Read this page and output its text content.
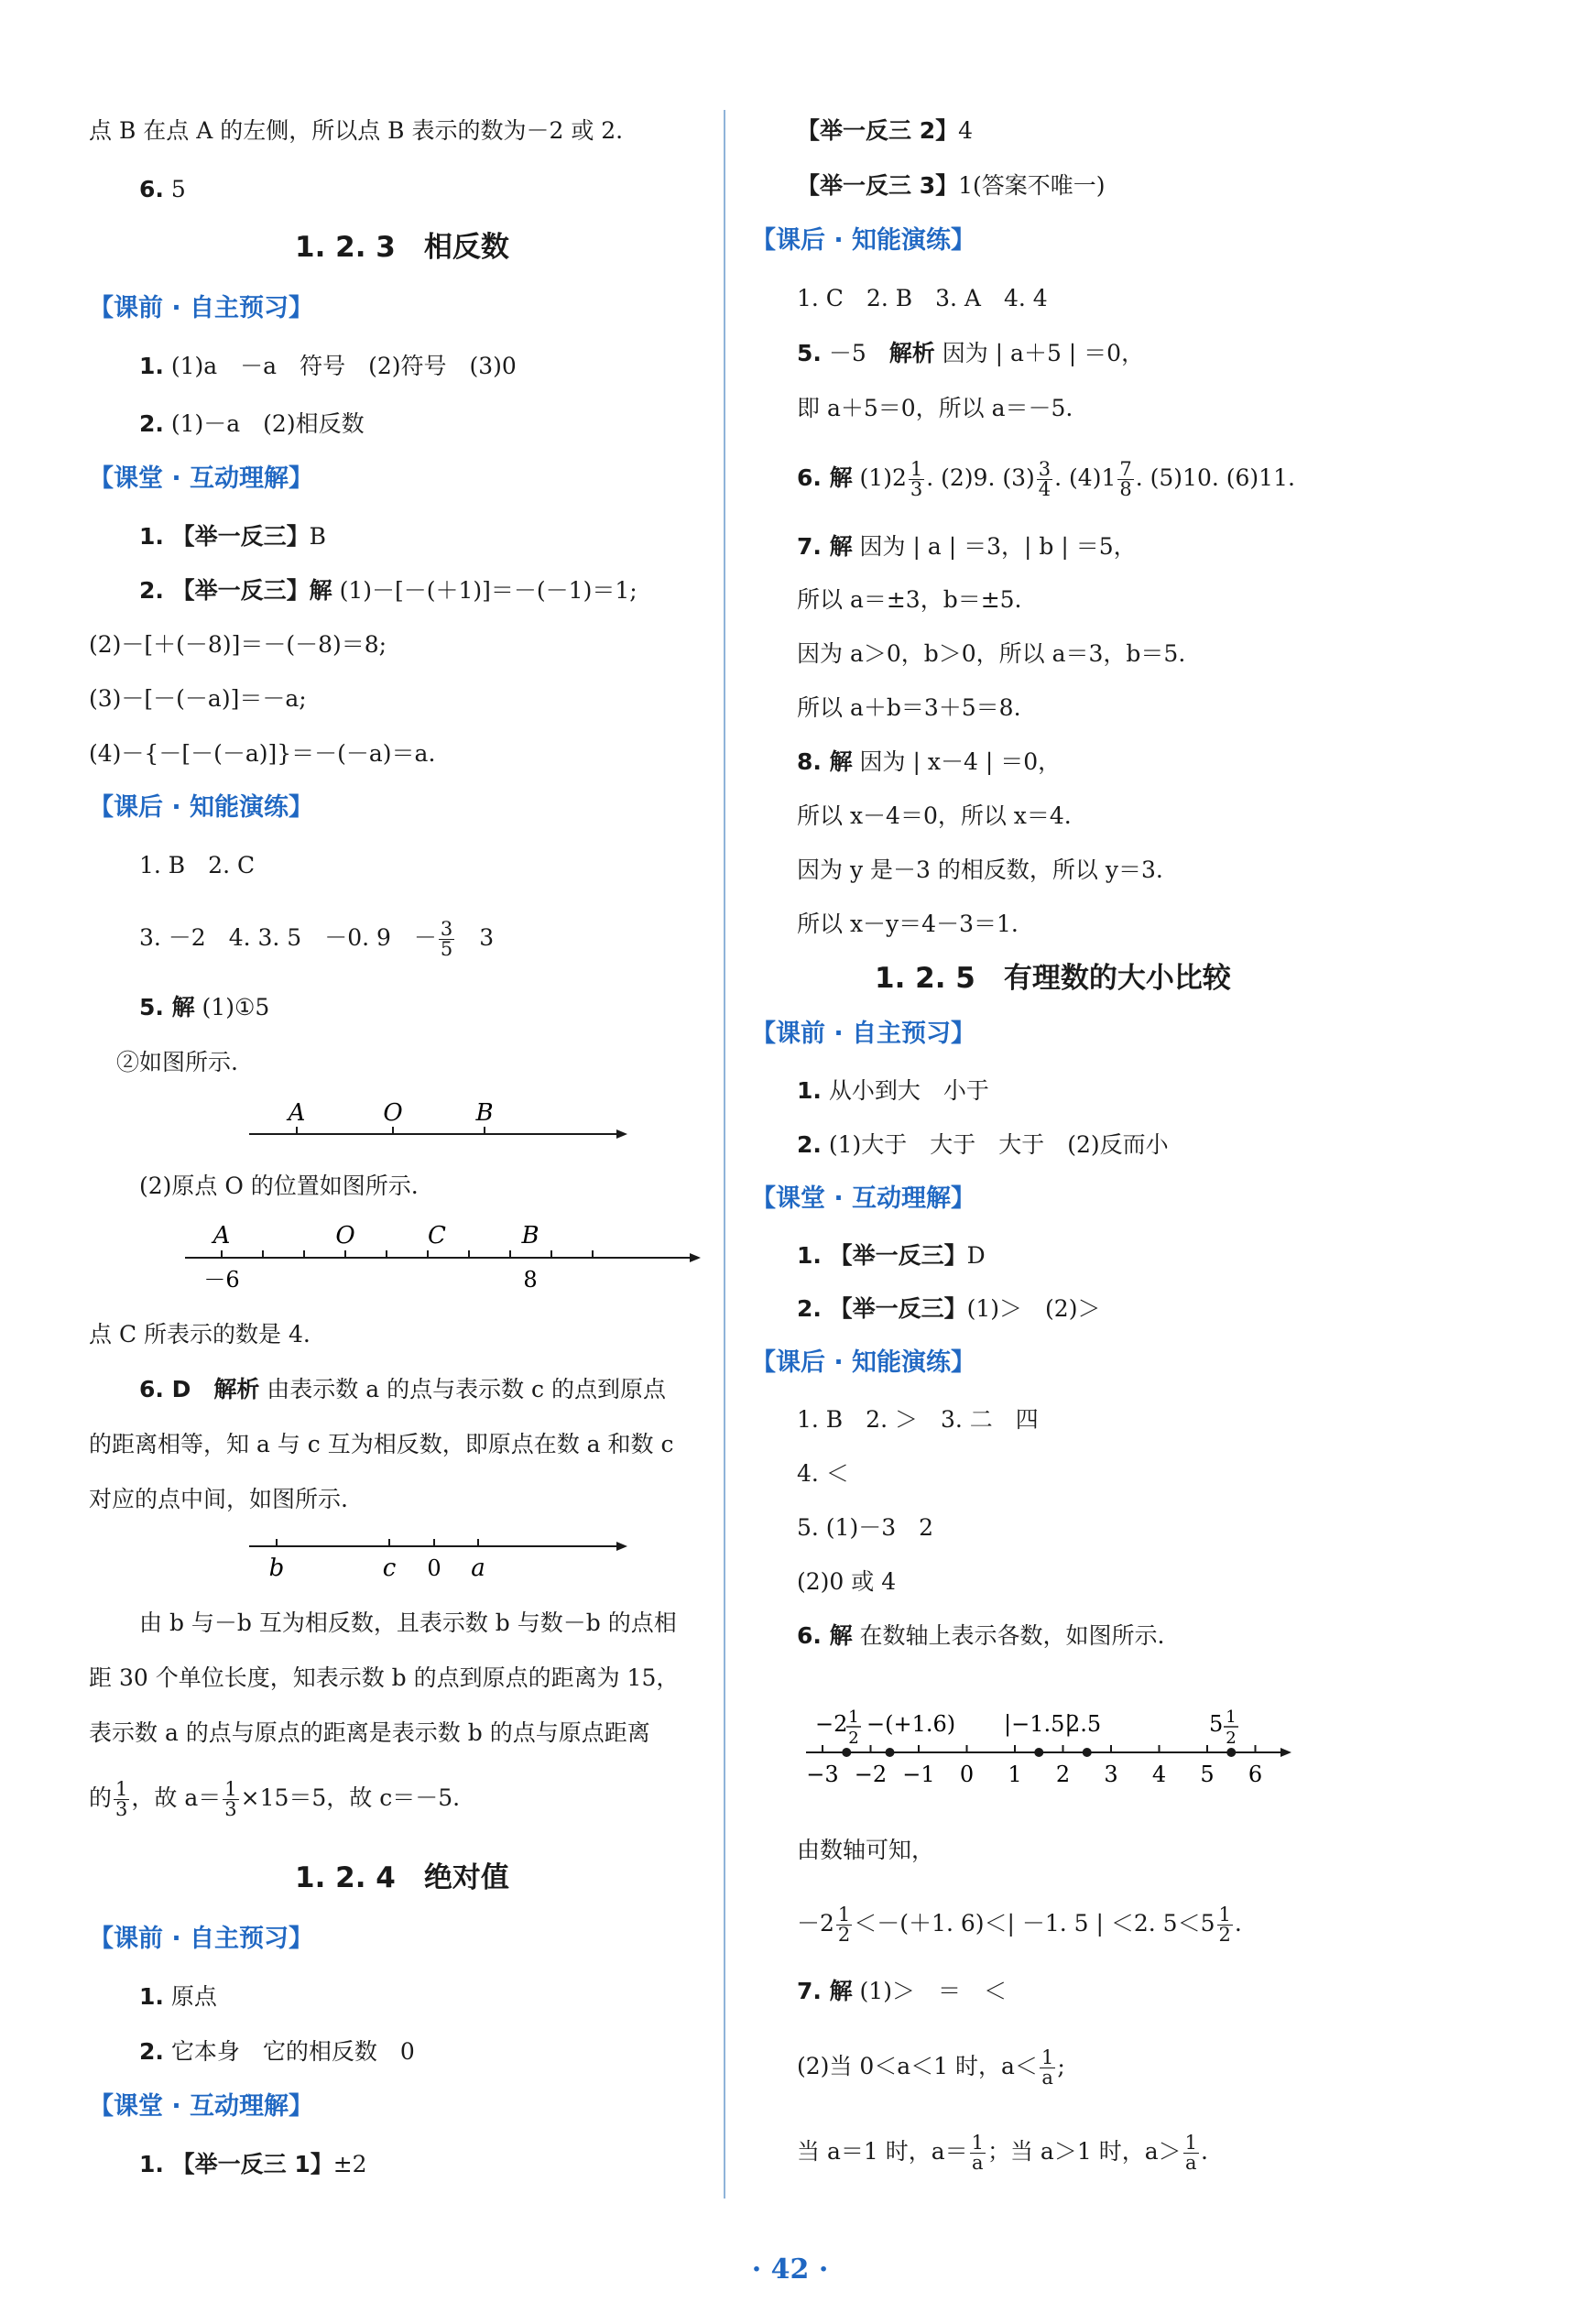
点 B 在点 A 的左侧，所以点 B 表示的数为－2 或 2.
6. 5
1. 2. 3　相反数
【课前 · 自主预习】
1. (1)a　－a　符号　(2)符号　(3)0
2. (1)－a　(2)相反数
【课堂 · 互动理解】
1. 【举一反三】B
2. 【举一反三】解 (1)－[－(＋1)]＝－(－1)＝1;
(2)－[＋(－8)]＝－(－8)＝8;
(3)－[－(－a)]＝－a;
(4)－{－[－(－a)]}＝－(－a)＝a.
【课后 · 知能演练】
1. B　2. C
3. －2　4. 3. 5　－0. 9　－ $\frac{3}{5}$ 　3
5. 解 (1)①5
②如图所示.
A	O	B
(2)原点 O 的位置如图所示.
A	O	C	B
－6	8
点 C 所表示的数是 4.
6. D　解析 由表示数 a 的点与表示数 c 的点到原点
的距离相等，知 a 与 c 互为相反数，即原点在数 a 和数 c
对应的点中间，如图所示.
b	c 0 a
由 b 与－b 互为相反数，且表示数 b 与数－b 的点相
距 30 个单位长度，知表示数 b 的点到原点的距离为 15，
表示数 a 的点与原点的距离是表示数 b 的点与原点距离
的 $\frac{1}{3}$ ，故 $a= \frac{1}{3} \times 15=5$，故 c＝－5.
1. 2. 4　绝对值
【课前 · 自主预习】
1. 原点
2. 它本身　它的相反数　0
【课堂 · 互动理解】
1. 【举一反三 1】±2
【举一反三 2】4
【举一反三 3】1(答案不唯一)
【课后 · 知能演练】
1. C　2. B　3. A　4. 4
5. －5　解析 因为 | a＋5 | ＝0，
即 a＋5＝0，所以 a＝－5.
6. 解 $(1)2 \frac{1}{3}$ . (2)9. $(3) \frac{3}{4}$ . $(4)1 \frac{7}{8}$ . (5)10. (6)11.
7. 解 因为 | a | ＝3，| b | ＝5，
所以 a＝±3，b＝±5.
因为 a＞0，b＞0，所以 a＝3，b＝5.
所以 a＋b＝3＋5＝8.
8. 解 因为 | x－4 | ＝0，
所以 x－4＝0，所以 x＝4.
因为 y 是－3 的相反数，所以 y＝3.
所以 x－y＝4－3＝1.
1. 2. 5　有理数的大小比较
【课前 · 自主预习】
1. 从小到大　小于
2. (1)大于　大于　大于　(2)反而小
【课堂 · 互动理解】
1. 【举一反三】D
2. 【举一反三】(1)＞　(2)＞
【课后 · 知能演练】
1. B　2. ＞　3. 二　四
4. ＜
5. (1)－3　2
(2)0 或 4
6. 解 在数轴上表示各数，如图所示.
−3 −2 −1 0 1 2 3 4 5 6
−2 1
2
−(+1.6) |−1.5|
2.5	5 1
2
由数轴可知，
$-2 \frac{1}{2} <-(+1$. 6)＜| －1. 5 | ＜2. $5<5 \frac{1}{2}$ .
7. 解 (1)＞　＝　＜
(2)当 0＜a＜1 时，$a< \frac{1}{a}$ ;
当 a＝1 时，$a= \frac{1}{a}$ ；当 a＞1 时，$a> \frac{1}{a}$ .
· 42 ·
